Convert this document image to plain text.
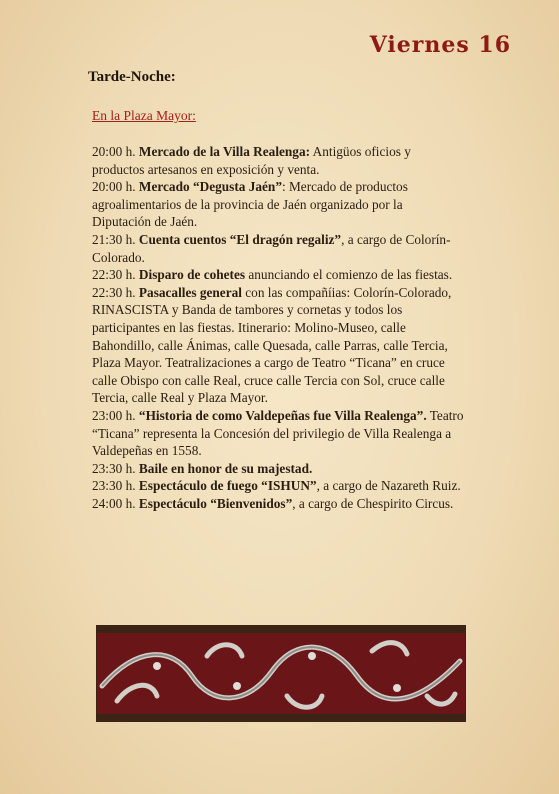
Viernes 16
Tarde-Noche:
En la Plaza Mayor:

20:00 h. Mercado de la Villa Realenga: Antigüos oficios y productos artesanos en exposición y venta.

20:00 h. Mercado “Degusta Jaén”: Mercado de productos agroalimentarios de la provincia de Jaén organizado por la Diputación de Jaén.

21:30 h. Cuenta cuentos “El dragón regaliz”, a cargo de Colorín-Colorado.

22:30 h. Disparo de cohetes anunciando el comienzo de las fiestas.

22:30 h. Pasacalles general con las compañíias: Colorín-Colorado, RINASCISTA y Banda de tambores y cornetas y todos los participantes en las fiestas. Itinerario: Molino-Museo, calle Bahondillo, calle Ánimas, calle Quesada, calle Parras, calle Tercia, Plaza Mayor. Teatralizaciones a cargo de Teatro “Ticana” en cruce calle Obispo con calle Real, cruce calle Tercia con Sol, cruce calle Tercia, calle Real y Plaza Mayor.

23:00 h. “Historia de como Valdepeñas fue Villa Realenga”. Teatro “Ticana” representa la Concesión del privilegio de Villa Realenga a Valdepeñas en 1558.

23:30 h. Baile en honor de su majestad.

23:30 h. Espectáculo de fuego “ISHUN”, a cargo de Nazareth Ruiz.

24:00 h. Espectáculo “Bienvenidos”, a cargo de Chespirito Circus.
